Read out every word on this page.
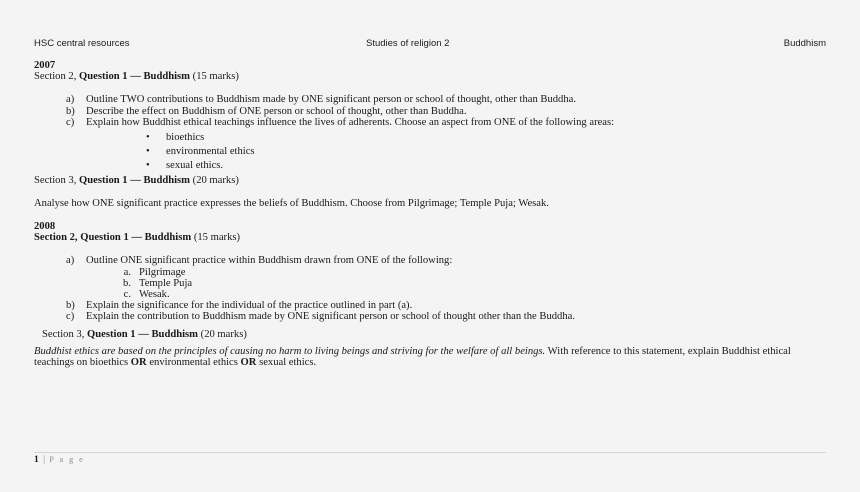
HSC central resources	Studies of religion 2	Buddhism

2007

Section 2, Question 1 — Buddhism (15 marks)

a) Outline TWO contributions to Buddhism made by ONE significant person or school of thought, other than Buddha.
b) Describe the effect on Buddhism of ONE person or school of thought, other than Buddha.
c) Explain how Buddhist ethical teachings influence the lives of adherents. Choose an aspect from ONE of the following areas:
• bioethics
• environmental ethics
• sexual ethics.

Section 3, Question 1 — Buddhism (20 marks)

Analyse how ONE significant practice expresses the beliefs of Buddhism. Choose from Pilgrimage; Temple Puja; Wesak.

2008

Section 2, Question 1 — Buddhism (15 marks)

a) Outline ONE significant practice within Buddhism drawn from ONE of the following:
a. Pilgrimage
b. Temple Puja
c. Wesak.
b) Explain the significance for the individual of the practice outlined in part (a).
c) Explain the contribution to Buddhism made by ONE significant person or school of thought other than the Buddha.

Section 3, Question 1 — Buddhism (20 marks)

Buddhist ethics are based on the principles of causing no harm to living beings and striving for the welfare of all beings. With reference to this statement, explain Buddhist ethical teachings on bioethics OR environmental ethics OR sexual ethics.

1 | P a g e
